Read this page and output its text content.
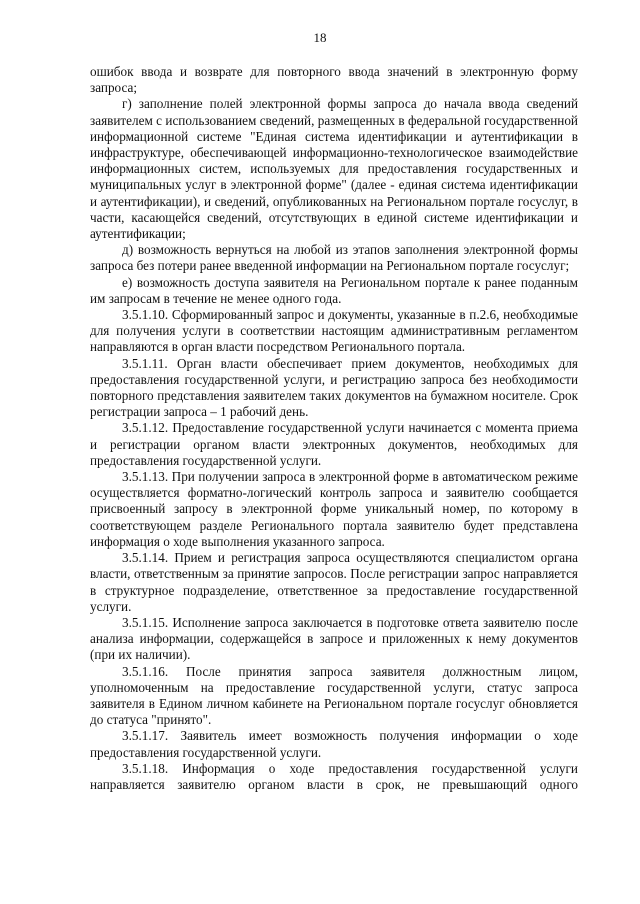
18

ошибок ввода и возврате для повторного ввода значений в электронную форму запроса;

г) заполнение полей электронной формы запроса до начала ввода сведений заявителем с использованием сведений, размещенных в федеральной государственной информационной системе "Единая система идентификации и аутентификации в инфраструктуре, обеспечивающей информационно-технологическое взаимодействие информационных систем, используемых для предоставления государственных и муниципальных услуг в электронной форме" (далее - единая система идентификации и аутентификации), и сведений, опубликованных на Региональном портале госуслуг, в части, касающейся сведений, отсутствующих в единой системе идентификации и аутентификации;

д) возможность вернуться на любой из этапов заполнения электронной формы запроса без потери ранее введенной информации на Региональном портале госуслуг;

е) возможность доступа заявителя на Региональном портале к ранее поданным им запросам в течение не менее одного года.

3.5.1.10. Сформированный запрос и документы, указанные в п.2.6, необходимые для получения услуги в соответствии настоящим административным регламентом направляются в орган власти посредством Регионального портала.

3.5.1.11. Орган власти обеспечивает прием документов, необходимых для предоставления государственной услуги, и регистрацию запроса без необходимости повторного представления заявителем таких документов на бумажном носителе. Срок регистрации запроса – 1 рабочий день.

3.5.1.12. Предоставление государственной услуги начинается с момента приема и регистрации органом власти электронных документов, необходимых для предоставления государственной услуги.

3.5.1.13. При получении запроса в электронной форме в автоматическом режиме осуществляется форматно-логический контроль запроса и заявителю сообщается присвоенный запросу в электронной форме уникальный номер, по которому в соответствующем разделе Регионального портала заявителю будет представлена информация о ходе выполнения указанного запроса.

3.5.1.14. Прием и регистрация запроса осуществляются специалистом органа власти, ответственным за принятие запросов. После регистрации запрос направляется в структурное подразделение, ответственное за предоставление государственной услуги.

3.5.1.15. Исполнение запроса заключается в подготовке ответа заявителю после анализа информации, содержащейся в запросе и приложенных к нему документов (при их наличии).

3.5.1.16. После принятия запроса заявителя должностным лицом, уполномоченным на предоставление государственной услуги, статус запроса заявителя в Едином личном кабинете на Региональном портале госуслуг обновляется до статуса "принято".

3.5.1.17. Заявитель имеет возможность получения информации о ходе предоставления государственной услуги.

3.5.1.18. Информация о ходе предоставления государственной услуги направляется заявителю органом власти в срок, не превышающий одного
